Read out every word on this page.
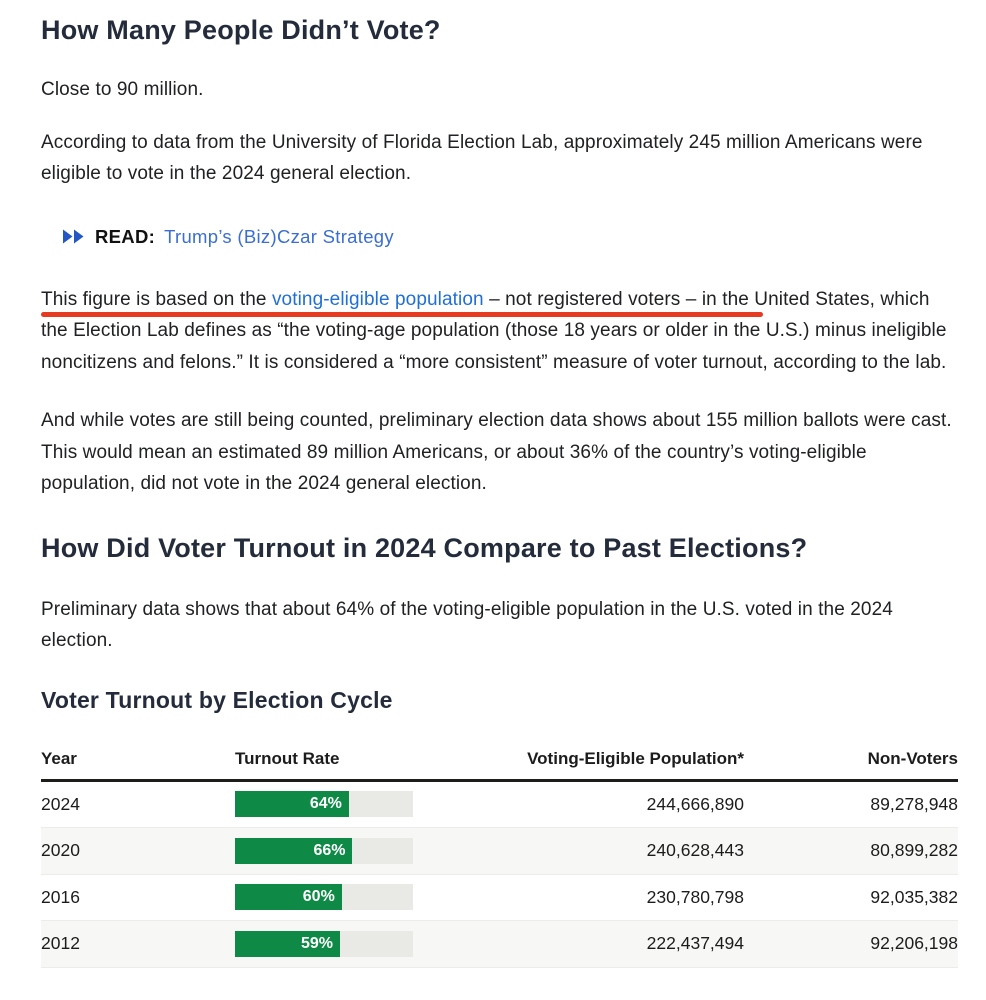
How Many People Didn’t Vote?

Close to 90 million.

According to data from the University of Florida Election Lab, approximately 245 million Americans were eligible to vote in the 2024 general election.

READ: Trump’s (Biz)Czar Strategy

This figure is based on the voting-eligible population – not registered voters – in the United States, which the Election Lab defines as “the voting-age population (those 18 years or older in the U.S.) minus ineligible noncitizens and felons.” It is considered a “more consistent” measure of voter turnout, according to the lab.

And while votes are still being counted, preliminary election data shows about 155 million ballots were cast. This would mean an estimated 89 million Americans, or about 36% of the country’s voting-eligible population, did not vote in the 2024 general election.

How Did Voter Turnout in 2024 Compare to Past Elections?

Preliminary data shows that about 64% of the voting-eligible population in the U.S. voted in the 2024 election.

Voter Turnout by Election Cycle
Year	Turnout Rate	Voting-Eligible Population*	Non-Voters
2024	64%	244,666,890	89,278,948
2020	66%	240,628,443	80,899,282
2016	60%	230,780,798	92,035,382
2012	59%	222,437,494	92,206,198
